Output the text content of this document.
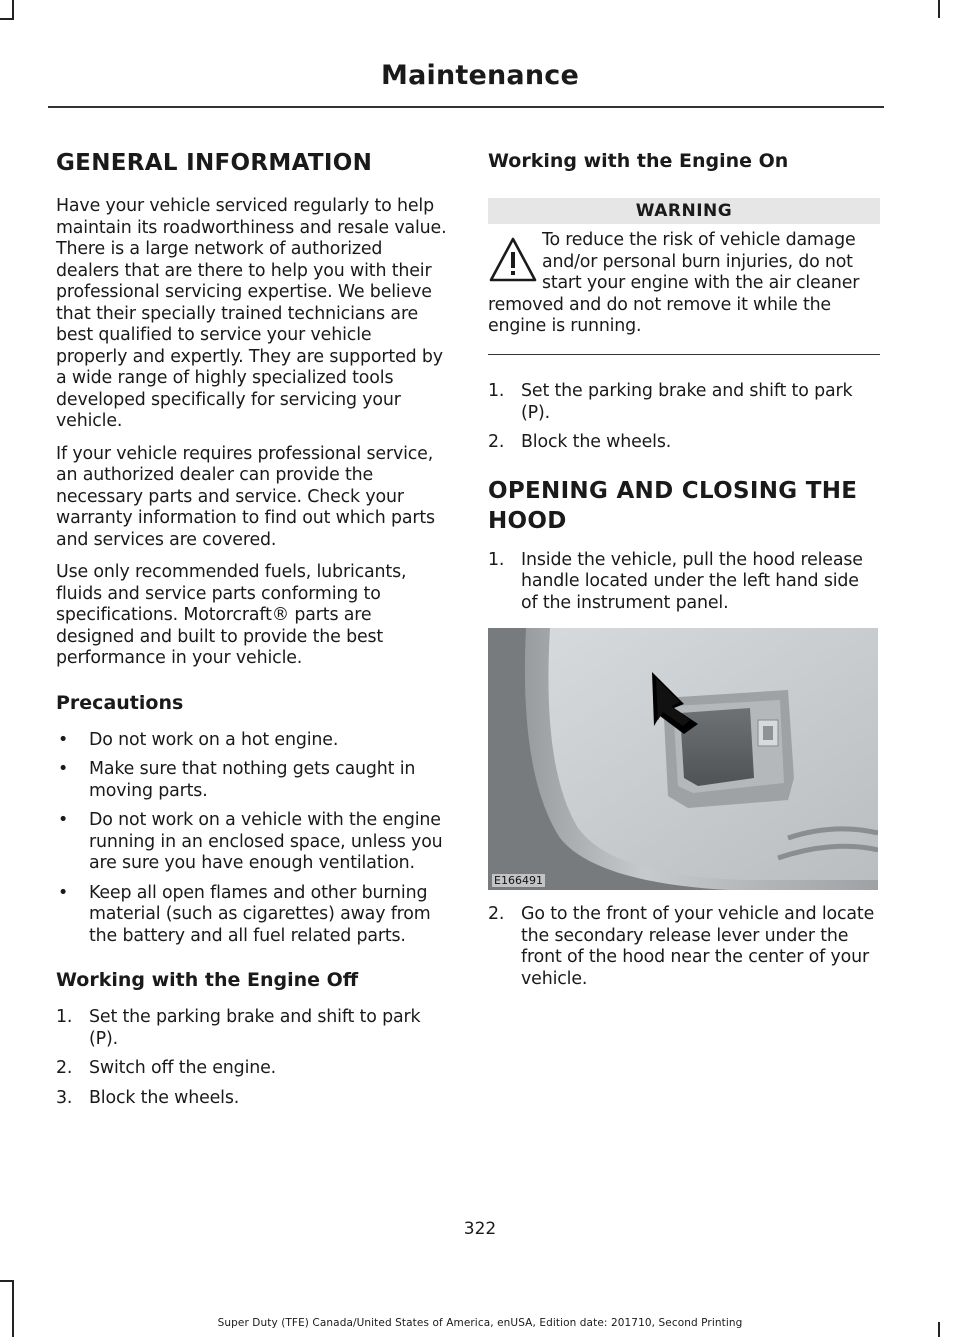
Maintenance
GENERAL INFORMATION

Have your vehicle serviced regularly to help maintain its roadworthiness and resale value. There is a large network of authorized dealers that are there to help you with their professional servicing expertise. We believe that their specially trained technicians are best qualified to service your vehicle properly and expertly. They are supported by a wide range of highly specialized tools developed specifically for servicing your vehicle.

If your vehicle requires professional service, an authorized dealer can provide the necessary parts and service. Check your warranty information to find out which parts and services are covered.

Use only recommended fuels, lubricants, fluids and service parts conforming to specifications. Motorcraft® parts are designed and built to provide the best performance in your vehicle.

Precautions
• Do not work on a hot engine.
• Make sure that nothing gets caught in moving parts.
• Do not work on a vehicle with the engine running in an enclosed space, unless you are sure you have enough ventilation.
• Keep all open flames and other burning material (such as cigarettes) away from the battery and all fuel related parts.
Working with the Engine Off
1. Set the parking brake and shift to park (P).
2. Switch off the engine.
3. Block the wheels.
Working with the Engine On
WARNING
To reduce the risk of vehicle damage and/or personal burn injuries, do not start your engine with the air cleaner removed and do not remove it while the engine is running.
1. Set the parking brake and shift to park (P).
2. Block the wheels.
OPENING AND CLOSING THE
HOOD
1. Inside the vehicle, pull the hood release handle located under the left hand side of the instrument panel.
E166491
2. Go to the front of your vehicle and locate the secondary release lever under the front of the hood near the center of your vehicle.
322
Super Duty (TFE) Canada/United States of America, enUSA, Edition date: 201710, Second Printing
